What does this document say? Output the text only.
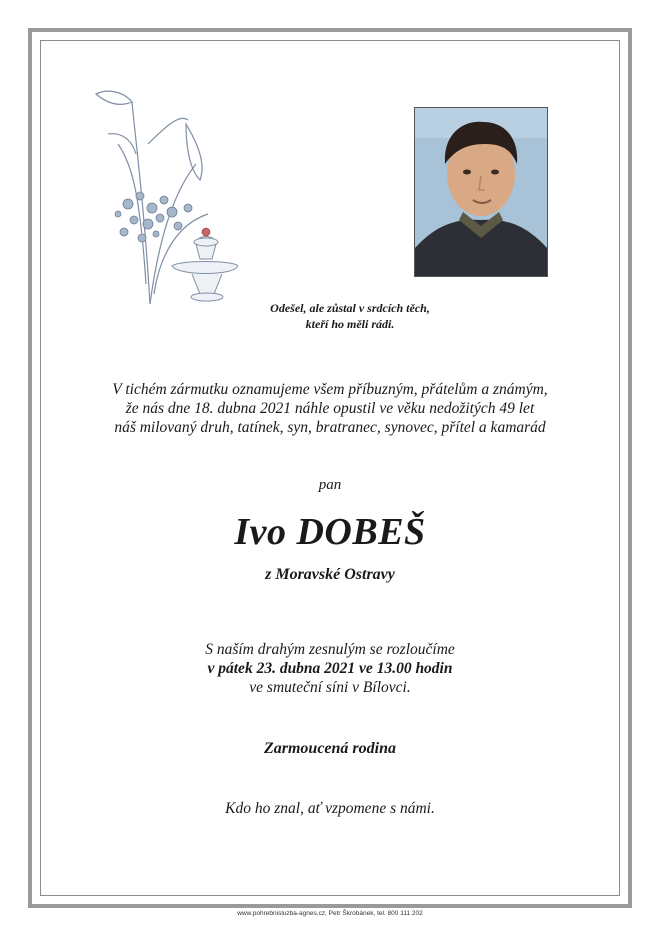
Odešel, ale zůstal v srdcích těch,
kteří ho měli rádi.
V tichém zármutku oznamujeme všem příbuzným, přátelům a známým,
že nás dne 18. dubna 2021 náhle opustil ve věku nedožitých 49 let
náš milovaný druh, tatínek, syn, bratranec, synovec, přítel a kamarád
pan
Ivo DOBEŠ
z Moravské Ostravy
S naším drahým zesnulým se rozloučíme
v pátek 23. dubna 2021 ve 13.00 hodin
ve smuteční síni v Bílovci.
Zarmoucená rodina
Kdo ho znal, ať vzpomene s námi.
www.pohrebnisluzba-agnes.cz, Petr Škrobánek, tel. 800 111 202
